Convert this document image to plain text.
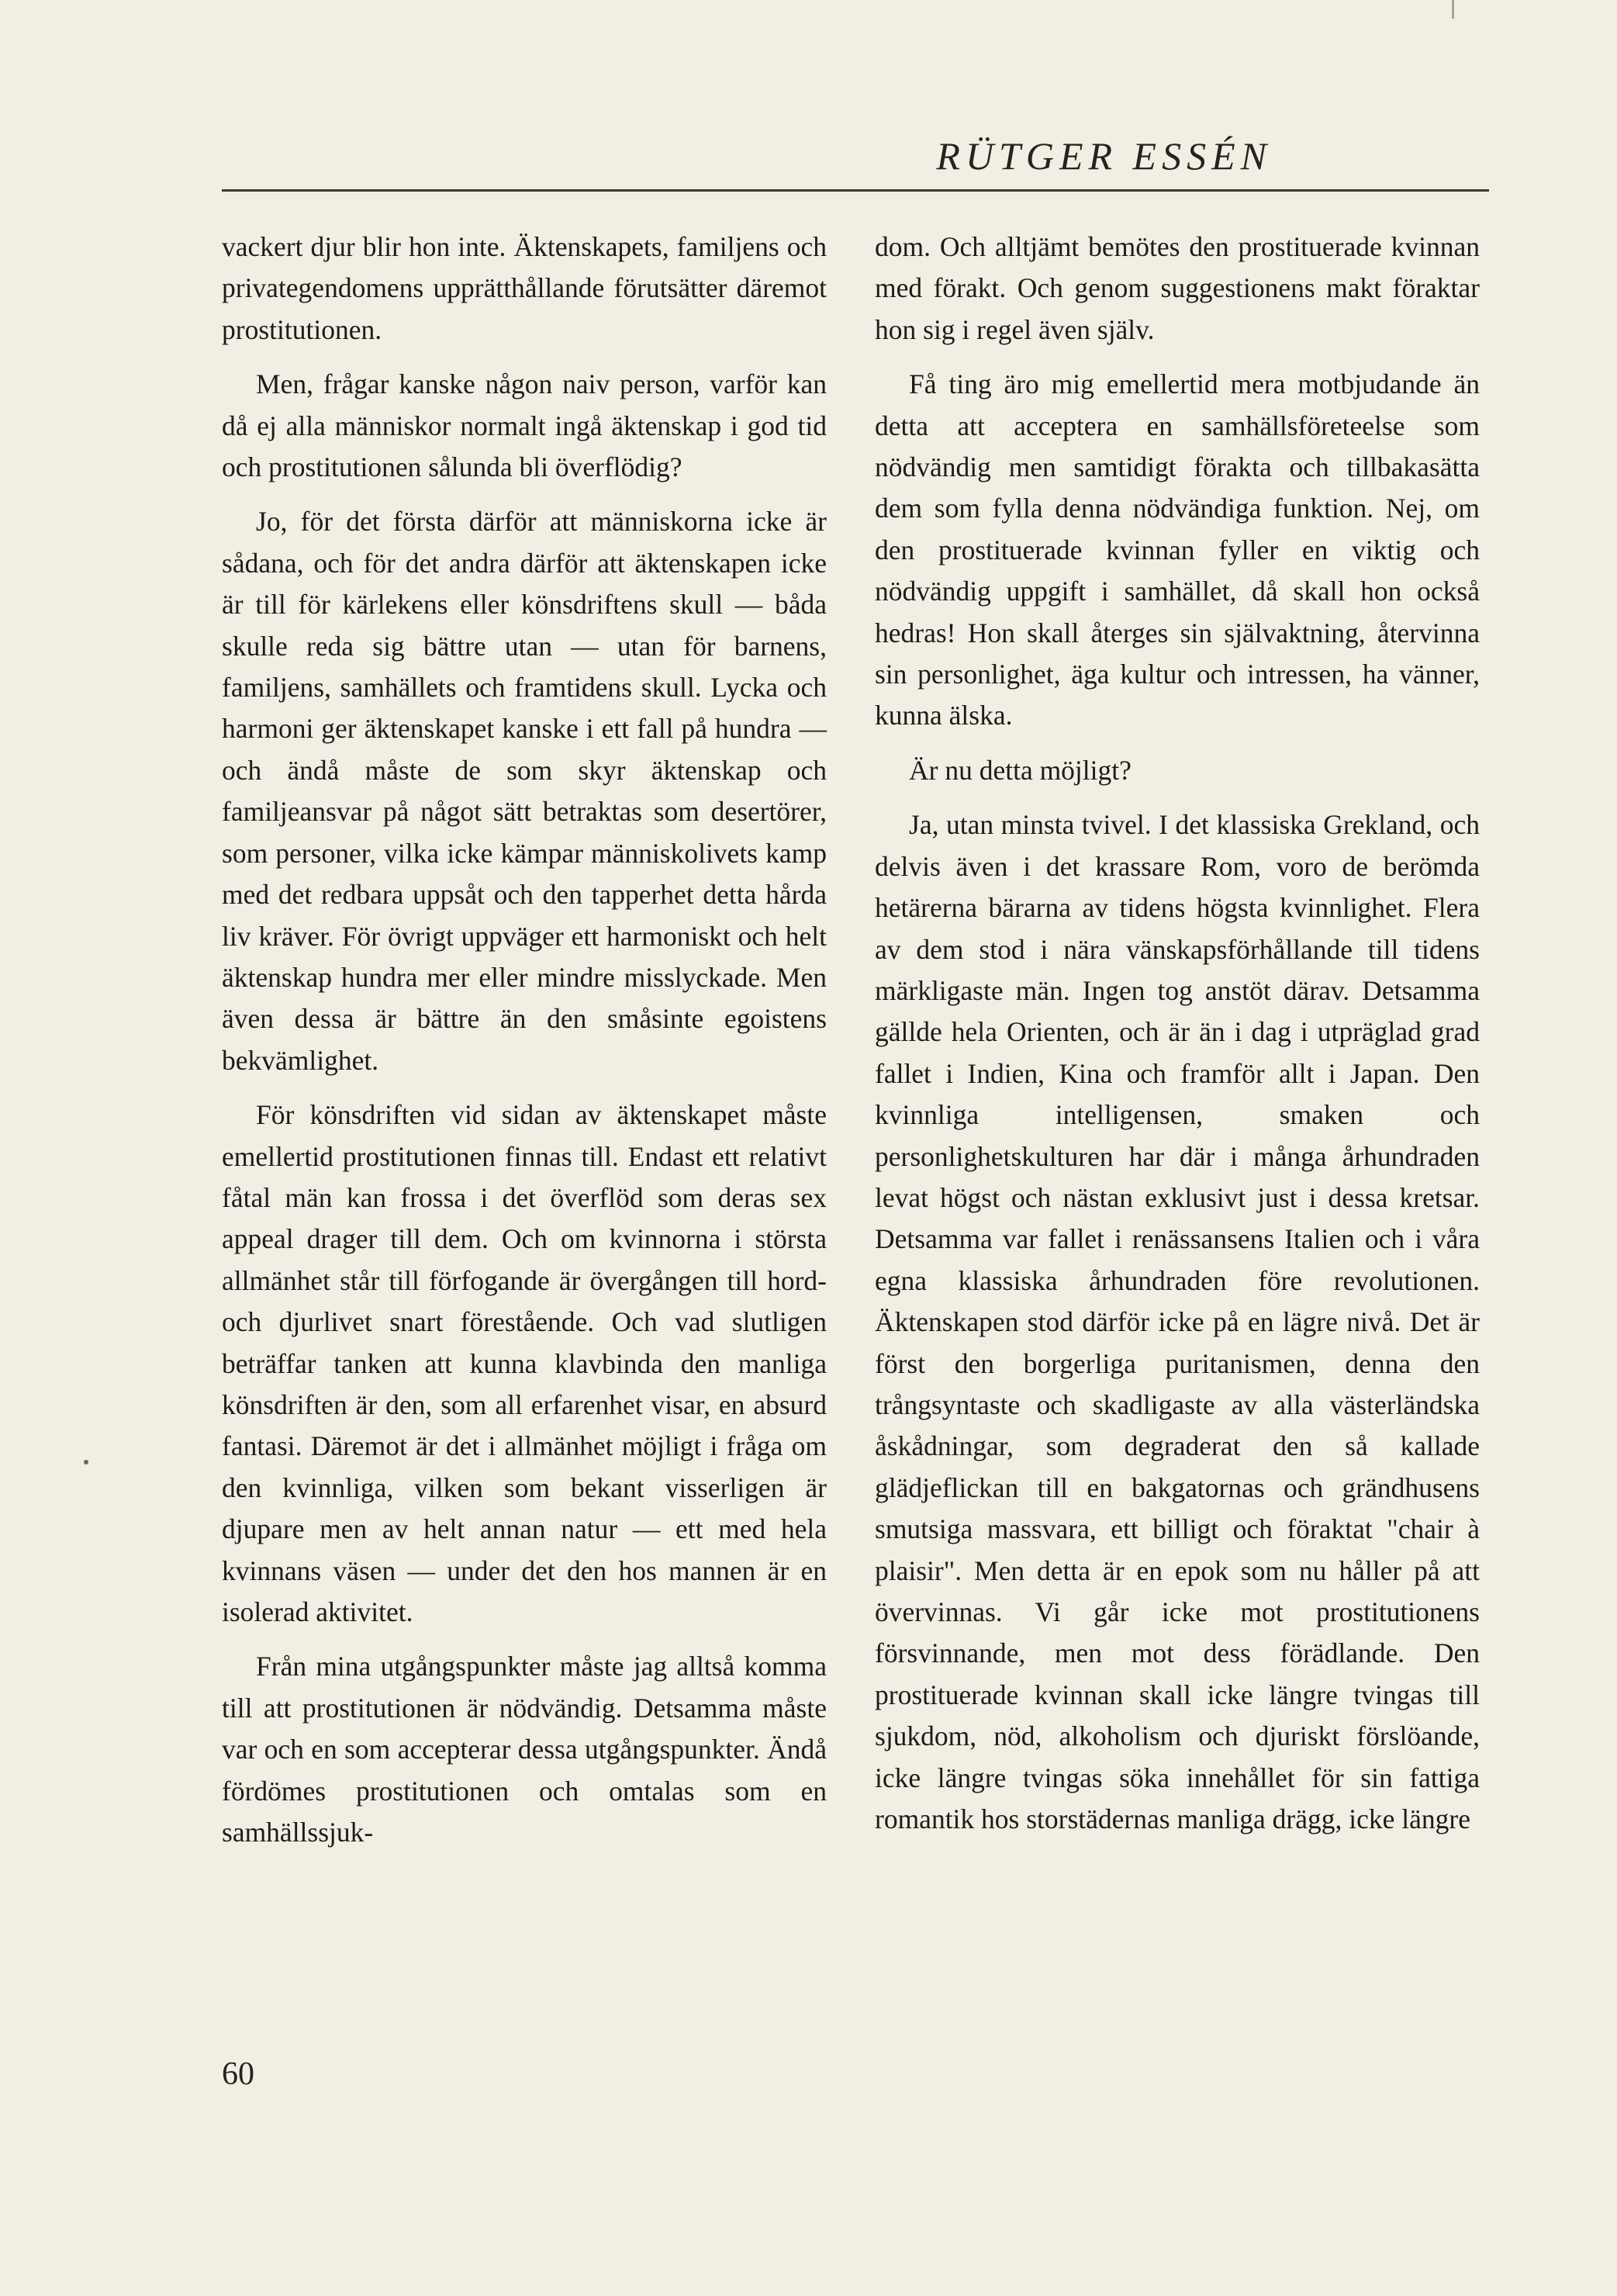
RÜTGER ESSÉN

vackert djur blir hon inte. Äktenskapets, familjens och privategendomens upprätthållande förutsätter däremot prostitutionen.

Men, frågar kanske någon naiv person, varför kan då ej alla människor normalt ingå äktenskap i god tid och prostitutionen sålunda bli överflödig?

Jo, för det första därför att människorna icke är sådana, och för det andra därför att äktenskapen icke är till för kärlekens eller könsdriftens skull — båda skulle reda sig bättre utan — utan för barnens, familjens, samhällets och framtidens skull. Lycka och harmoni ger äktenskapet kanske i ett fall på hundra — och ändå måste de som skyr äktenskap och familjeansvar på något sätt betraktas som desertörer, som personer, vilka icke kämpar människolivets kamp med det redbara uppsåt och den tapperhet detta hårda liv kräver. För övrigt uppväger ett harmoniskt och helt äktenskap hundra mer eller mindre misslyckade. Men även dessa är bättre än den småsinte egoistens bekvämlighet.

För könsdriften vid sidan av äktenskapet måste emellertid prostitutionen finnas till. Endast ett relativt fåtal män kan frossa i det överflöd som deras sex appeal drager till dem. Och om kvinnorna i största allmänhet står till förfogande är övergången till hord- och djurlivet snart förestående. Och vad slutligen beträffar tanken att kunna klavbinda den manliga könsdriften är den, som all erfarenhet visar, en absurd fantasi. Däremot är det i allmänhet möjligt i fråga om den kvinnliga, vilken som bekant visserligen är djupare men av helt annan natur — ett med hela kvinnans väsen — under det den hos mannen är en isolerad aktivitet.

Från mina utgångspunkter måste jag alltså komma till att prostitutionen är nödvändig. Detsamma måste var och en som accepterar dessa utgångspunkter. Ändå fördömes prostitutionen och omtalas som en samhällssjuk-

dom. Och alltjämt bemötes den prostituerade kvinnan med förakt. Och genom suggestionens makt föraktar hon sig i regel även själv.

Få ting äro mig emellertid mera motbjudande än detta att acceptera en samhällsföreteelse som nödvändig men samtidigt förakta och tillbakasätta dem som fylla denna nödvändiga funktion. Nej, om den prostituerade kvinnan fyller en viktig och nödvändig uppgift i samhället, då skall hon också hedras! Hon skall återges sin självaktning, återvinna sin personlighet, äga kultur och intressen, ha vänner, kunna älska.

Är nu detta möjligt?

Ja, utan minsta tvivel. I det klassiska Grekland, och delvis även i det krassare Rom, voro de berömda hetärerna bärarna av tidens högsta kvinnlighet. Flera av dem stod i nära vänskapsförhållande till tidens märkligaste män. Ingen tog anstöt därav. Detsamma gällde hela Orienten, och är än i dag i utpräglad grad fallet i Indien, Kina och framför allt i Japan. Den kvinnliga intelligensen, smaken och personlighetskulturen har där i många århundraden levat högst och nästan exklusivt just i dessa kretsar. Detsamma var fallet i renässansens Italien och i våra egna klassiska århundraden före revolutionen. Äktenskapen stod därför icke på en lägre nivå. Det är först den borgerliga puritanismen, denna den trångsyntaste och skadligaste av alla västerländska åskådningar, som degraderat den så kallade glädjeflickan till en bakgatornas och grändhusens smutsiga massvara, ett billigt och föraktat "chair à plaisir". Men detta är en epok som nu håller på att övervinnas. Vi går icke mot prostitutionens försvinnande, men mot dess förädlande. Den prostituerade kvinnan skall icke längre tvingas till sjukdom, nöd, alkoholism och djuriskt förslöande, icke längre tvingas söka innehållet för sin fattiga romantik hos storstädernas manliga drägg, icke längre

60
